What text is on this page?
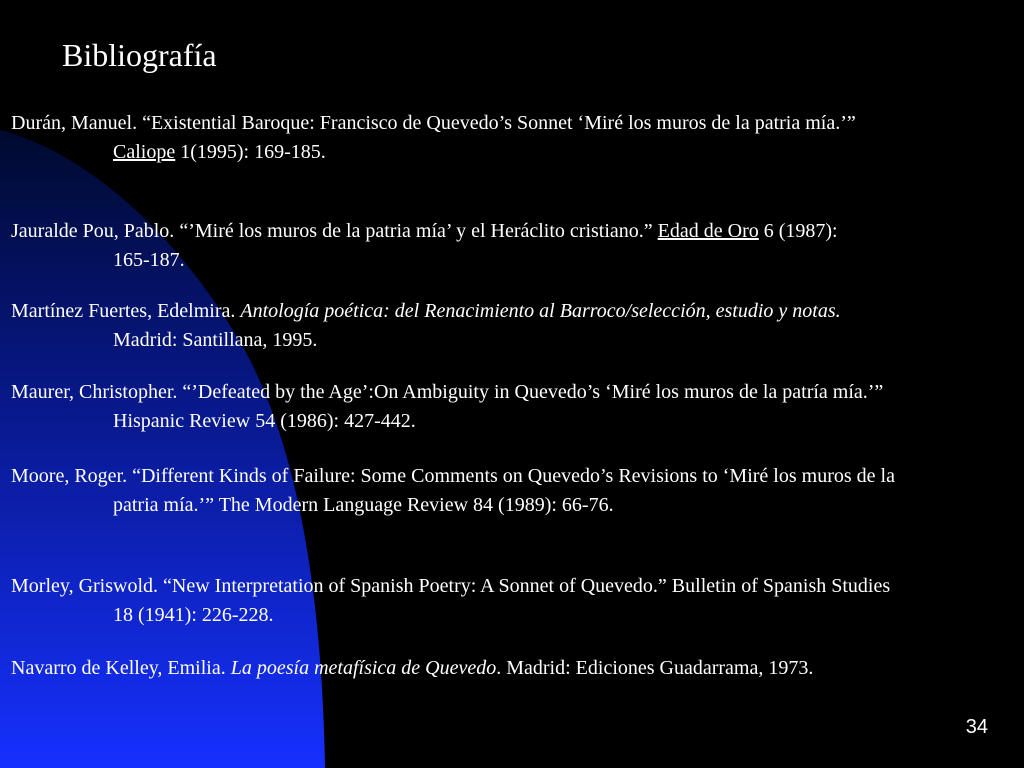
Bibliografía
Durán, Manuel. “Existential Baroque: Francisco de Quevedo’s Sonnet ‘Miré los muros de la patria mía.’”
Caliope 1(1995): 169-185.
Jauralde Pou, Pablo. “’Miré los muros de la patria mía’ y el Heráclito cristiano.” Edad de Oro 6 (1987):
165-187.
Martínez Fuertes, Edelmira. Antología poética: del Renacimiento al Barroco/selección, estudio y notas.
Madrid: Santillana, 1995.
Maurer, Christopher. “’Defeated by the Age’:On Ambiguity in Quevedo’s ‘Miré los muros de la patría mía.’”
Hispanic Review 54 (1986): 427-442.
Moore, Roger. “Different Kinds of Failure: Some Comments on Quevedo’s Revisions to ‘Miré los muros de la
patria mía.’” The Modern Language Review 84 (1989): 66-76.
Morley, Griswold. “New Interpretation of Spanish Poetry: A Sonnet of Quevedo.” Bulletin of Spanish Studies
18 (1941): 226-228.
Navarro de Kelley, Emilia. La poesía metafísica de Quevedo. Madrid: Ediciones Guadarrama, 1973.
34
